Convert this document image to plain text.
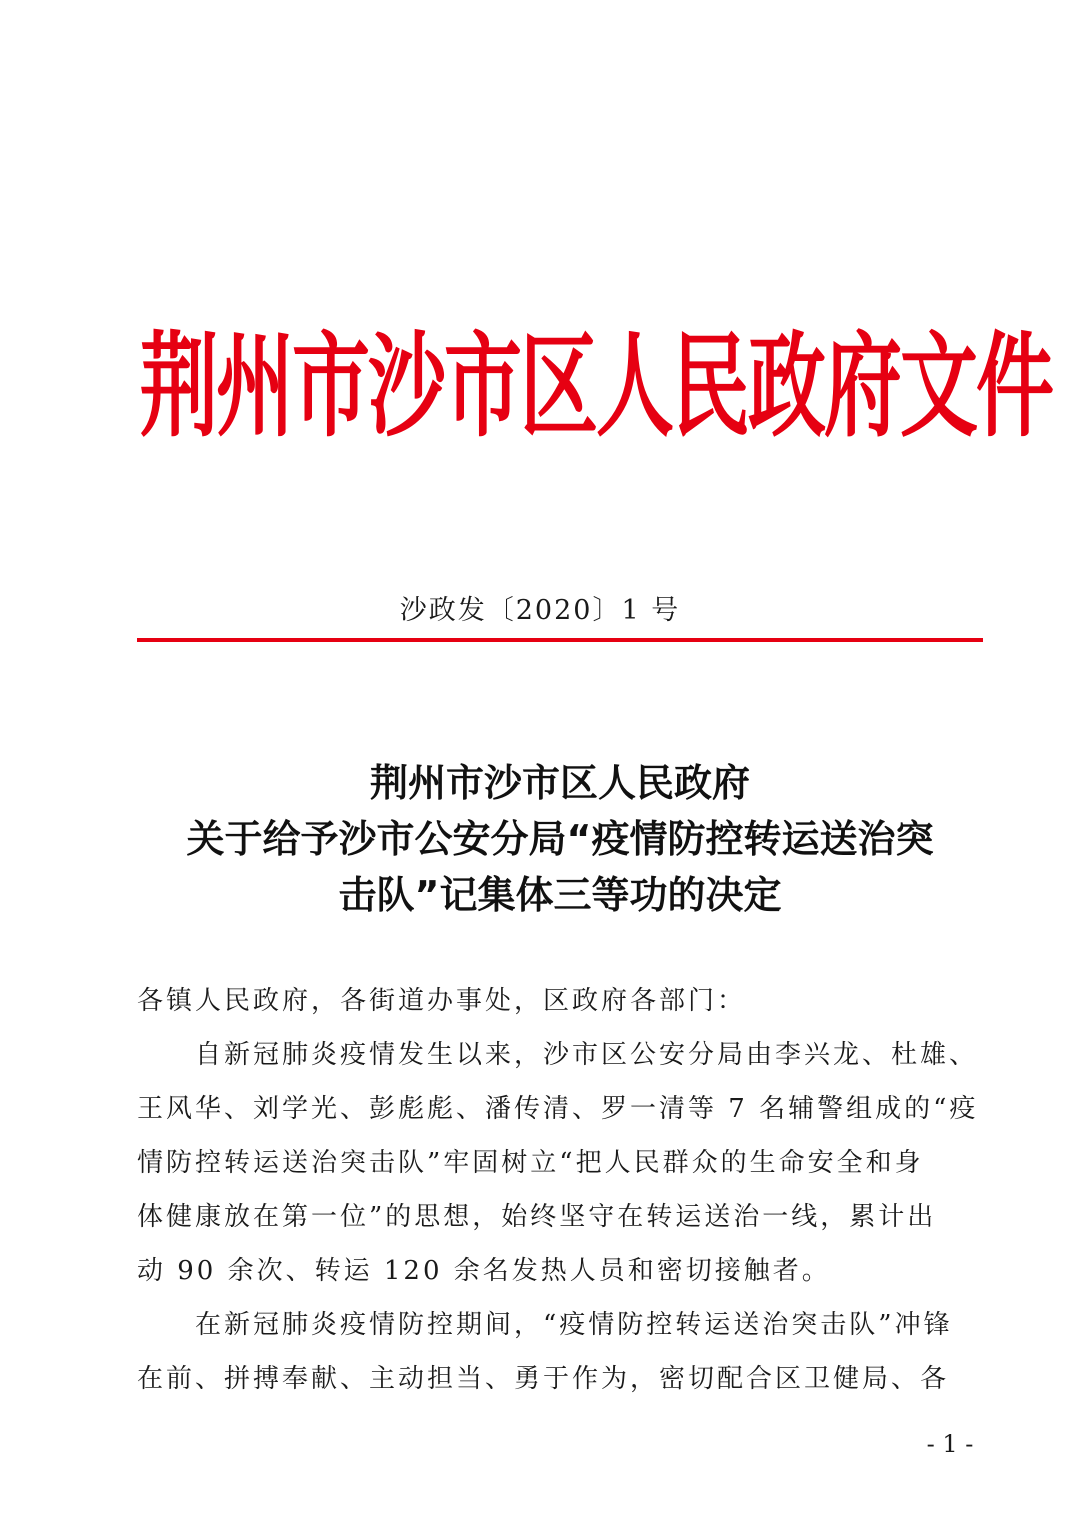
荆州市沙市区人民政府文件
沙政发〔2020〕1 号
荆州市沙市区人民政府
关于给予沙市公安分局“疫情防控转运送治突
击队”记集体三等功的决定
各镇人民政府，各街道办事处，区政府各部门：
自新冠肺炎疫情发生以来，沙市区公安分局由李兴龙、杜雄、
王风华、刘学光、彭彪彪、潘传清、罗一清等 7 名辅警组成的“疫
情防控转运送治突击队”牢固树立“把人民群众的生命安全和身
体健康放在第一位”的思想，始终坚守在转运送治一线，累计出
动 90 余次、转运 120 余名发热人员和密切接触者。
在新冠肺炎疫情防控期间，“疫情防控转运送治突击队”冲锋
在前、拼搏奉献、主动担当、勇于作为，密切配合区卫健局、各
- 1 -
